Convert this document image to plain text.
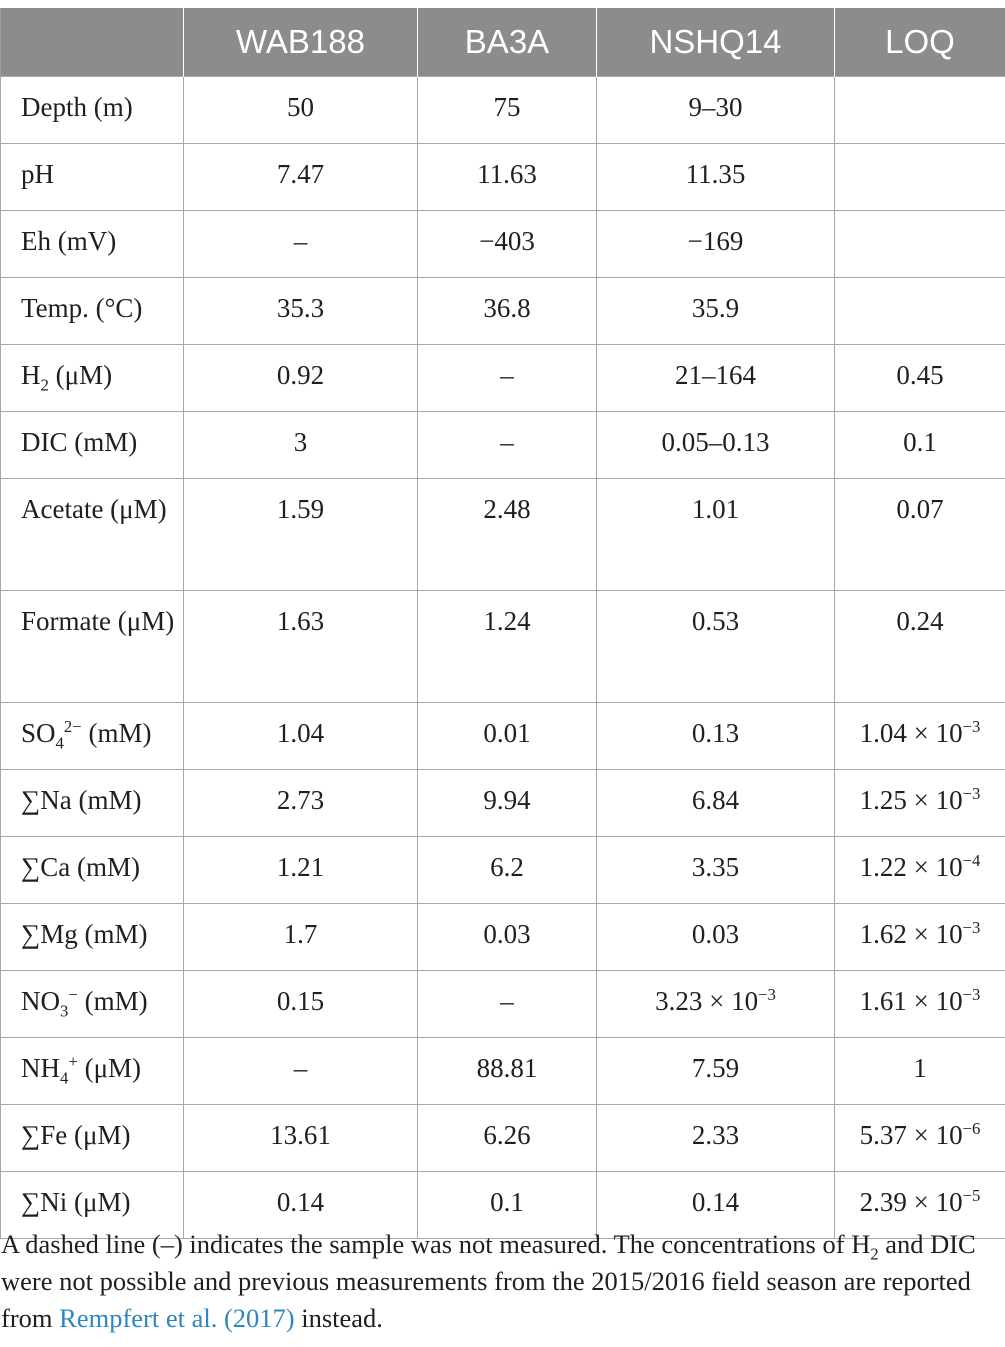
	WAB188	BA3A	NSHQ14	LOQ
Depth (m)	50	75	9–30	
pH	7.47	11.63	11.35	
Eh (mV)	–	−403	−169	
Temp. (°C)	35.3	36.8	35.9	
$H_2$ (μM)	0.92	–	21–164	0.45
DIC (mM)	3	–	0.05–0.13	0.1
Acetate (μM)	1.59	2.48	1.01	0.07
Formate (μM)	1.63	1.24	0.53	0.24
$SO_4^{2-}$ (mM)	1.04	0.01	0.13	$1.04 \times 10^{-3}$
∑Na (mM)	2.73	9.94	6.84	$1.25 \times 10^{-3}$
∑Ca (mM)	1.21	6.2	3.35	$1.22 \times 10^{-4}$
∑Mg (mM)	1.7	0.03	0.03	$1.62 \times 10^{-3}$
$NO_3^-$ (mM)	0.15	–	$3.23 \times 10^{-3}$	$1.61 \times 10^{-3}$
$NH_4^+$ (μM)	–	88.81	7.59	1
∑Fe (μM)	13.61	6.26	2.33	$5.37 \times 10^{-6}$
∑Ni (μM)	0.14	0.1	0.14	$2.39 \times 10^{-5}$
A dashed line (–) indicates the sample was not measured. The concentrations of $H_2$ and DIC were not possible and previous measurements from the 2015/2016 field season are reported from Rempfert et al. (2017) instead.
